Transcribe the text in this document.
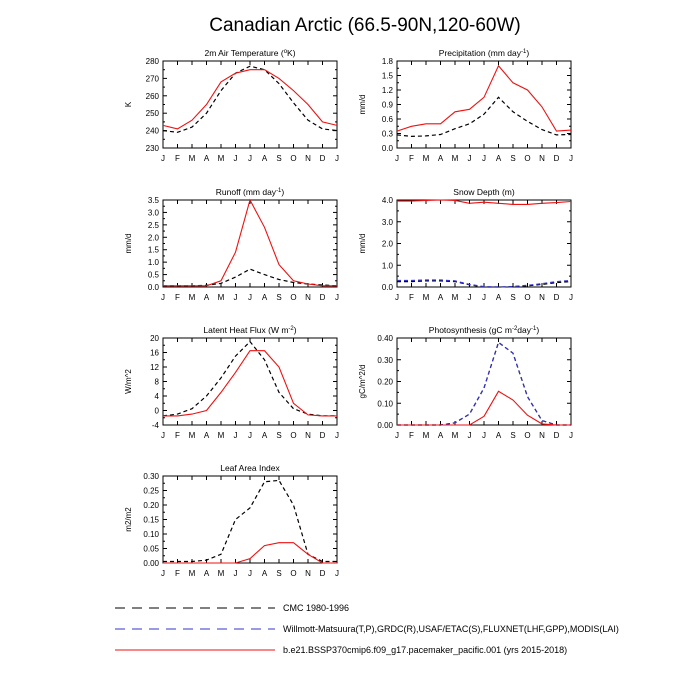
Canadian Arctic (66.5-90N,120-60W)
2m Air Temperature ($^o$K)
230
240
250
260
270
280
J F M A M J J A S O N D J
K
Precipitation (mm day$^{-1}$)
0.0
0.3
0.6
0.9
1.2
1.5
1.8
J F M A M J J A S O N D J
mm/d
Runoff (mm day$^{-1}$)
0.0
0.5
1.0
1.5
2.0
2.5
3.0
3.5
J F M A M J J A S O N D J
mm/d
Snow Depth (m)
0.0
1.0
2.0
3.0
4.0
J F M A M J J A S O N D J
mm/d
Latent Heat Flux (W $m^{-2}$)
-4
0
4
8
12
16
20
J F M A M J J A S O N D J
W/m^2
Photosynthesis (gC $m^{-2}day^{-1}$)
0.00
0.10
0.20
0.30
0.40
J F M A M J J A S O N D J
gC/m^2/d
Leaf Area Index
0.00
0.05
0.10
0.15
0.20
0.25
0.30
J F M A M J J A S O N D J
m2/m2
CMC 1980-1996
Willmott-Matsuura(T,P),GRDC(R),USAF/ETAC(S),FLUXNET(LHF,GPP),MODIS(LAI)
b.e21.BSSP370cmip6.f09_g17.pacemaker_pacific.001 (yrs 2015-2018)
